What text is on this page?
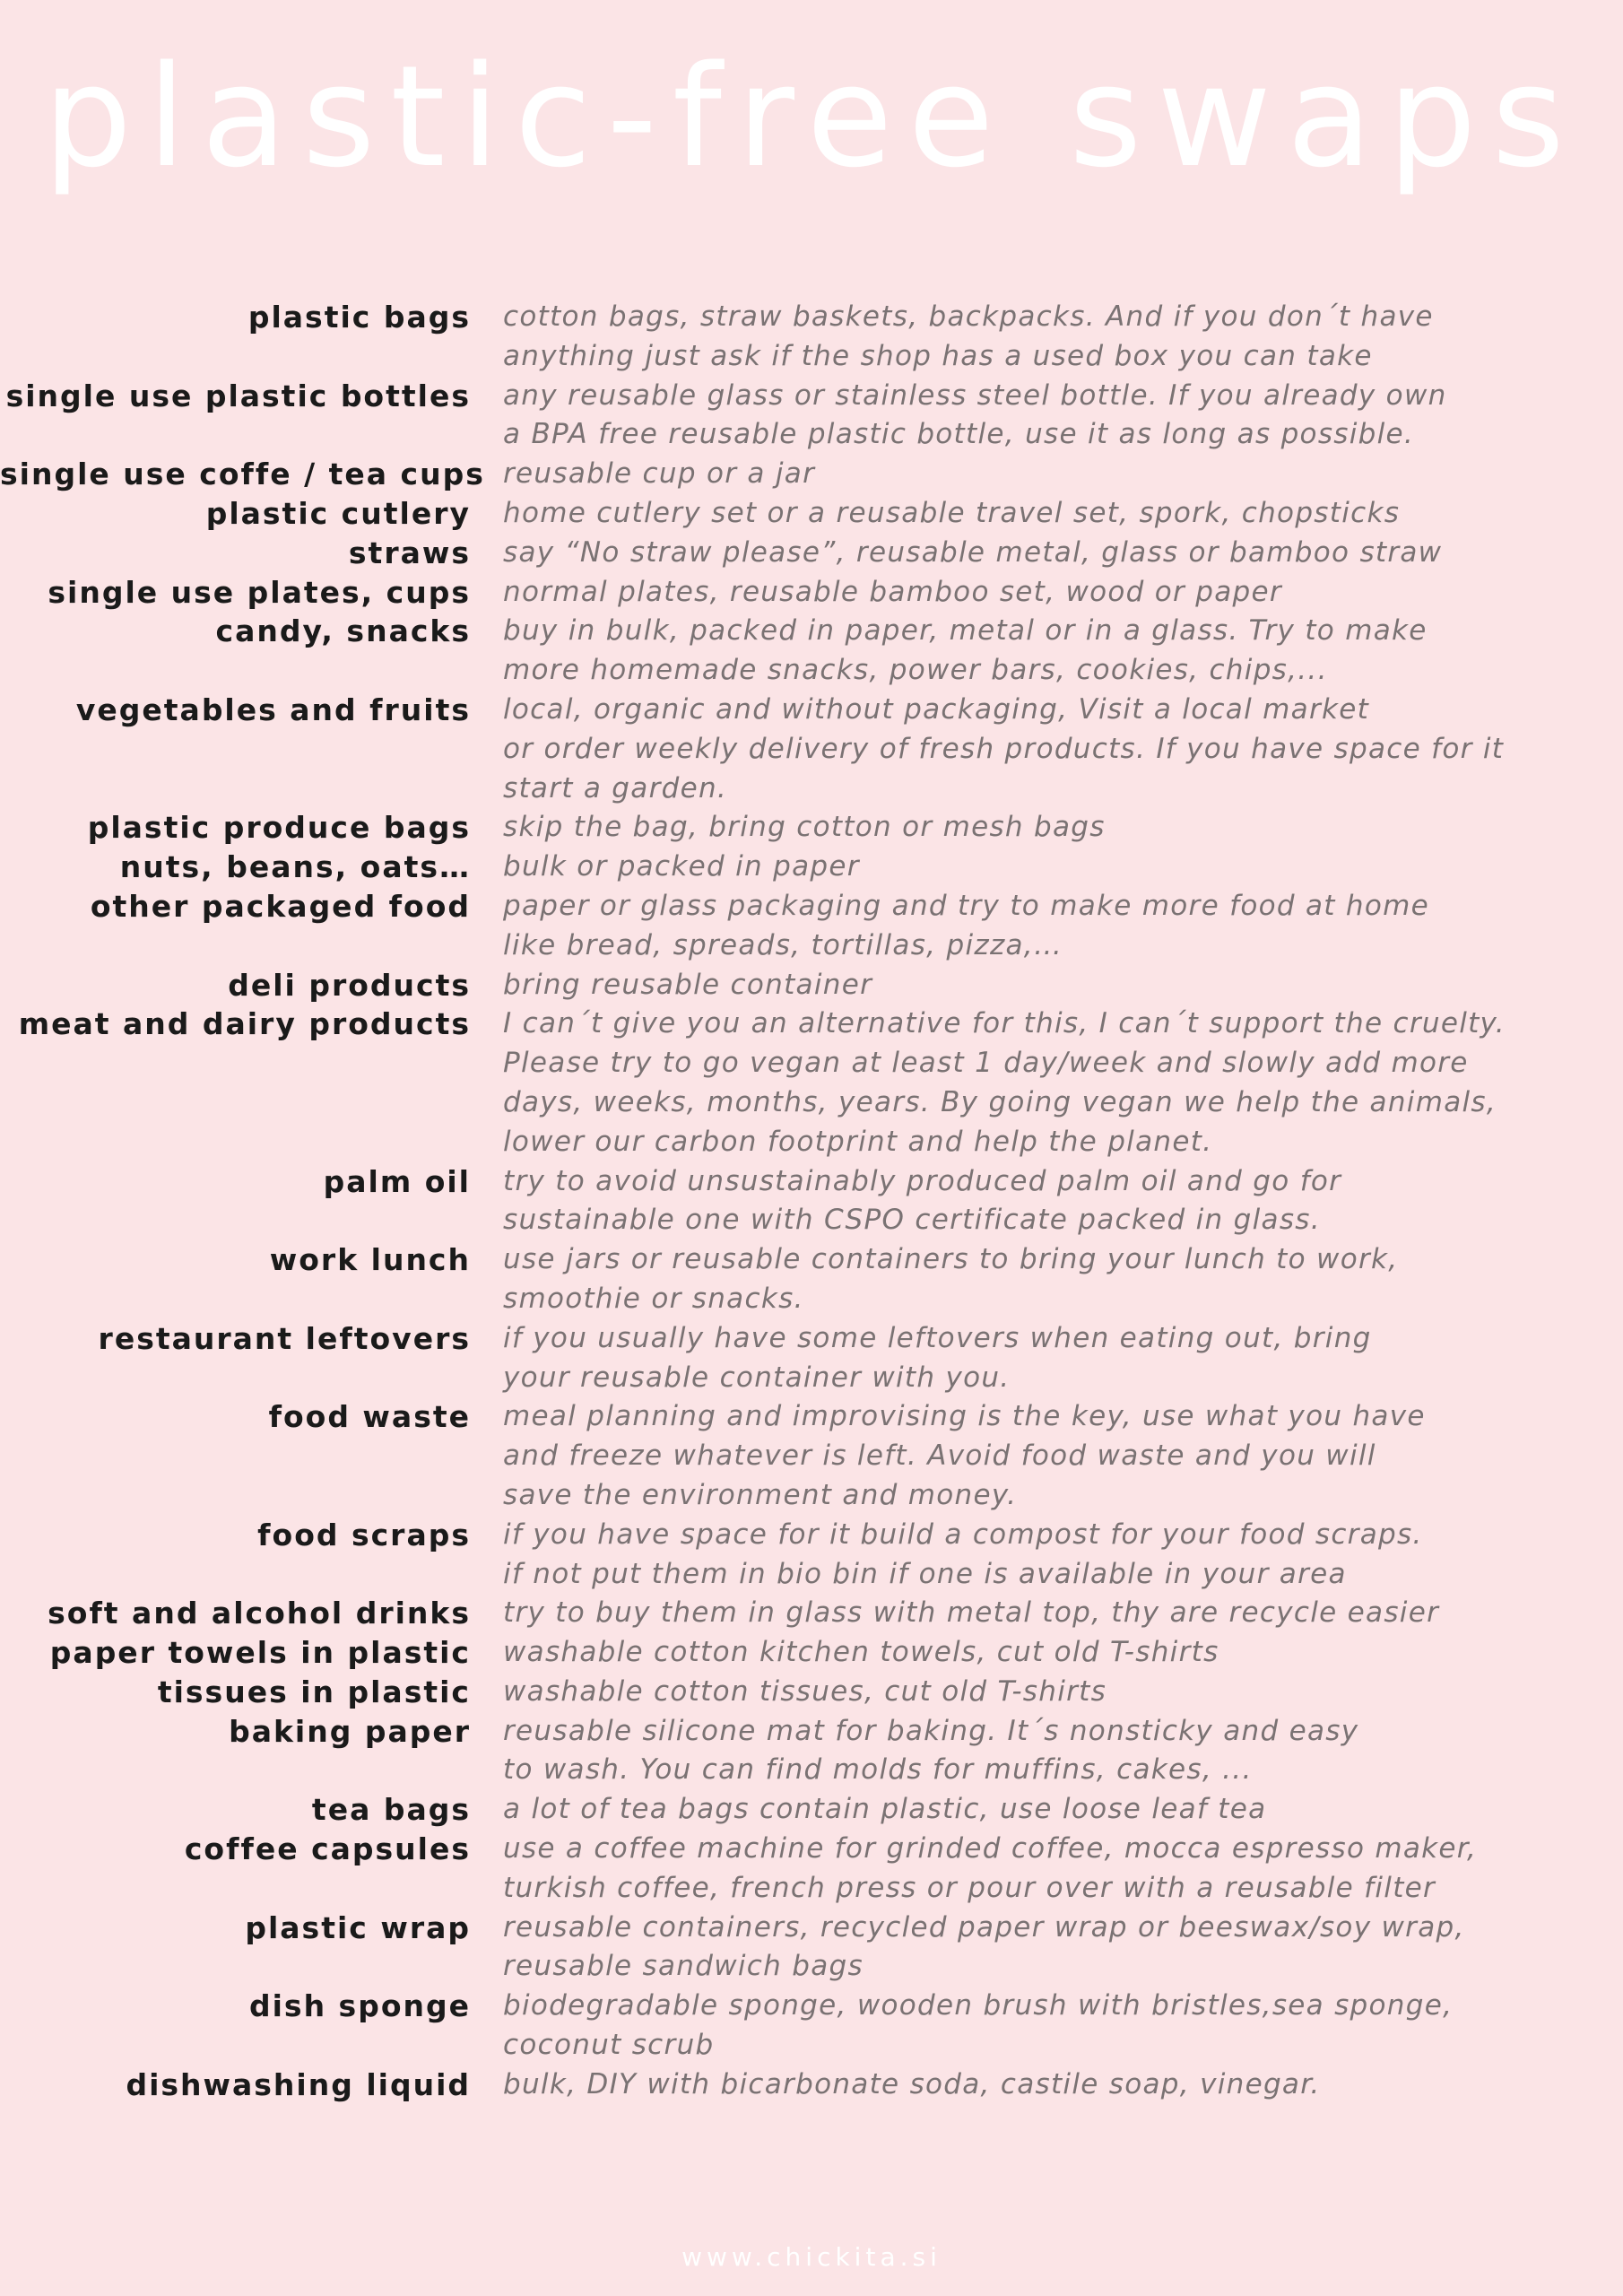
plastic-free swaps
plastic bags cotton bags, straw baskets, backpacks. And if you don´t have
anything just ask if the shop has a used box you can take
single use plastic bottles any reusable glass or stainless steel bottle. If you already own
a BPA free reusable plastic bottle, use it as long as possible.
single use coffe / tea cups reusable cup or a jar
plastic cutlery home cutlery set or a reusable travel set, spork, chopsticks
straws say “No straw please”, reusable metal, glass or bamboo straw
single use plates, cups normal plates, reusable bamboo set, wood or paper
candy, snacks buy in bulk, packed in paper, metal or in a glass. Try to make
more homemade snacks, power bars, cookies, chips,...
vegetables and fruits local, organic and without packaging, Visit a local market
or order weekly delivery of fresh products. If you have space for it
start a garden.
plastic produce bags skip the bag, bring cotton or mesh bags
nuts, beans, oats… bulk or packed in paper
other packaged food paper or glass packaging and try to make more food at home
like bread, spreads, tortillas, pizza,…
deli products bring reusable container
meat and dairy products I can´t give you an alternative for this, I can´t support the cruelty.
Please try to go vegan at least 1 day/week and slowly add more
days, weeks, months, years. By going vegan we help the animals,
lower our carbon footprint and help the planet.
palm oil try to avoid unsustainably produced palm oil and go for
sustainable one with CSPO certificate packed in glass.
work lunch use jars or reusable containers to bring your lunch to work,
smoothie or snacks.
restaurant leftovers if you usually have some leftovers when eating out, bring
your reusable container with you.
food waste meal planning and improvising is the key, use what you have
and freeze whatever is left. Avoid food waste and you will
save the environment and money.
food scraps if you have space for it build a compost for your food scraps.
if not put them in bio bin if one is available in your area
soft and alcohol drinks try to buy them in glass with metal top, thy are recycle easier
paper towels in plastic washable cotton kitchen towels, cut old T-shirts
tissues in plastic washable cotton tissues, cut old T-shirts
baking paper reusable silicone mat for baking. It´s nonsticky and easy
to wash. You can find molds for muffins, cakes, ...
tea bags a lot of tea bags contain plastic, use loose leaf tea
coffee capsules use a coffee machine for grinded coffee, mocca espresso maker,
turkish coffee, french press or pour over with a reusable filter
plastic wrap reusable containers, recycled paper wrap or beeswax/soy wrap,
reusable sandwich bags
dish sponge biodegradable sponge, wooden brush with bristles,sea sponge,
coconut scrub
dishwashing liquid bulk, DIY with bicarbonate soda, castile soap, vinegar.
www.chickita.si
